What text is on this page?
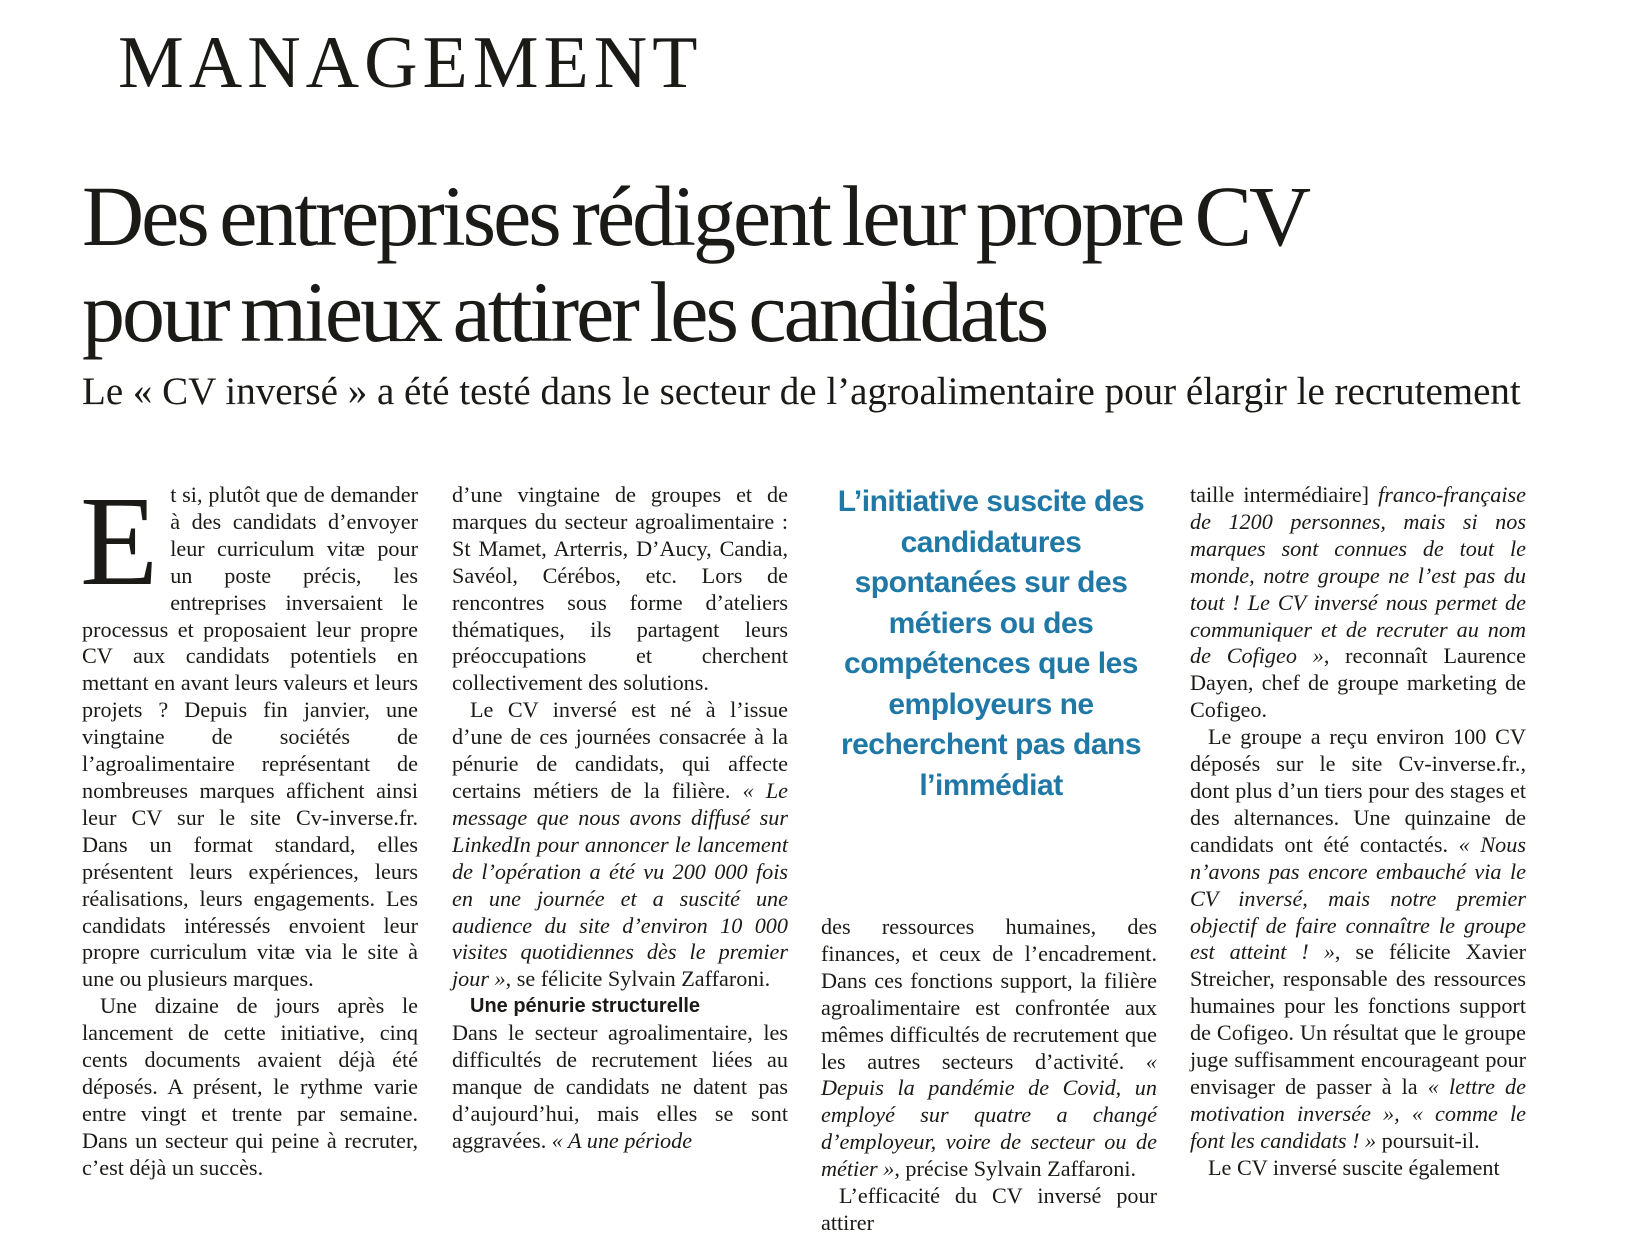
MANAGEMENT
Des entreprises rédigent leur propre CV
pour mieux attirer les candidats

Le « CV inversé » a été testé dans le secteur de l’agroalimentaire pour élargir le recrutement

Et si, plutôt que de demander à des candidats d’envoyer leur curriculum vitæ pour un poste précis, les entreprises inversaient le processus et proposaient leur propre CV aux candidats potentiels en mettant en avant leurs valeurs et leurs projets ? Depuis fin janvier, une vingtaine de sociétés de l’agroalimentaire représentant de nombreuses marques affichent ainsi leur CV sur le site Cv-inverse.fr. Dans un format standard, elles présentent leurs expériences, leurs réalisations, leurs engagements. Les candidats intéressés envoient leur propre curriculum vitæ via le site à une ou plusieurs marques.

Une dizaine de jours après le lancement de cette initiative, cinq cents documents avaient déjà été déposés. A présent, le rythme varie entre vingt et trente par semaine. Dans un secteur qui peine à recruter, c’est déjà un succès.

d’une vingtaine de groupes et de marques du secteur agroalimentaire : St Mamet, Arterris, D’Aucy, Candia, Savéol, Cérébos, etc. Lors de rencontres sous forme d’ateliers thématiques, ils partagent leurs préoccupations et cherchent collectivement des solutions.

Le CV inversé est né à l’issue d’une de ces journées consacrée à la pénurie de candidats, qui affecte certains métiers de la filière. « Le message que nous avons diffusé sur LinkedIn pour annoncer le lancement de l’opération a été vu 200 000 fois en une journée et a suscité une audience du site d’environ 10 000 visites quotidiennes dès le premier jour », se félicite Sylvain Zaffaroni.

Une pénurie structurelle

Dans le secteur agroalimentaire, les difficultés de recrutement liées au manque de candidats ne datent pas d’aujourd’hui, mais elles se sont aggravées. « A une période

L’initiative suscite des candidatures spontanées sur des métiers ou des compétences que les employeurs ne recherchent pas dans l’immédiat

des ressources humaines, des finances, et ceux de l’encadrement. Dans ces fonctions support, la filière agroalimentaire est confrontée aux mêmes difficultés de recrutement que les autres secteurs d’activité. « Depuis la pandémie de Covid, un employé sur quatre a changé d’employeur, voire de secteur ou de métier », précise Sylvain Zaffaroni.

L’efficacité du CV inversé pour attirer

taille intermédiaire] franco-française de 1200 personnes, mais si nos marques sont connues de tout le monde, notre groupe ne l’est pas du tout ! Le CV inversé nous permet de communiquer et de recruter au nom de Cofigeo », reconnaît Laurence Dayen, chef de groupe marketing de Cofigeo.

Le groupe a reçu environ 100 CV déposés sur le site Cv-inverse.fr., dont plus d’un tiers pour des stages et des alternances. Une quinzaine de candidats ont été contactés. « Nous n’avons pas encore embauché via le CV inversé, mais notre premier objectif de faire connaître le groupe est atteint ! », se félicite Xavier Streicher, responsable des ressources humaines pour les fonctions support de Cofigeo. Un résultat que le groupe juge suffisamment encourageant pour envisager de passer à la « lettre de motivation inversée », « comme le font les candidats ! » poursuit-il.

Le CV inversé suscite également
